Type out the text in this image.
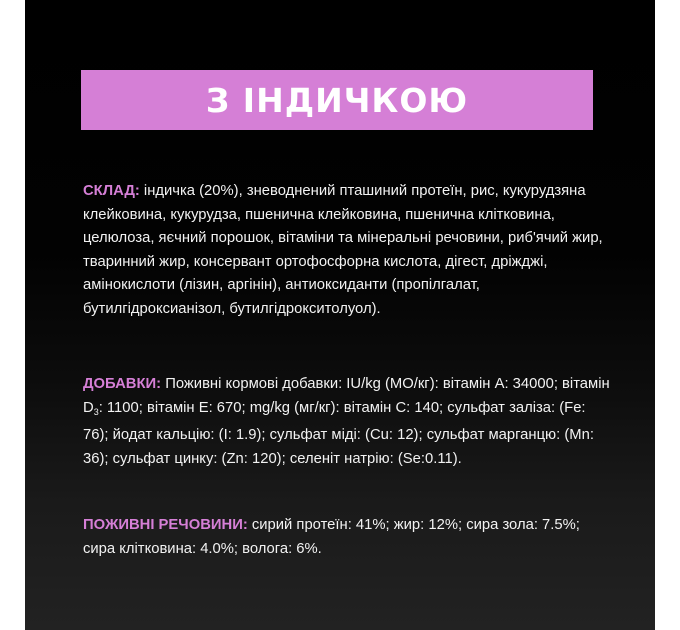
З ІНДИЧКОЮ
СКЛАД: індичка (20%), зневоднений пташиний протеїн, рис, кукурудзяна клейковина, кукурудза, пшенична клейковина, пшенична клітковина, целюлоза, яєчний порошок, вітаміни та мінеральні речовини, риб'ячий жир, тваринний жир, консервант ортофосфорна кислота, дігест, дріжджі, амінокислоти (лізин, аргінін), антиоксиданти (пропілгалат, бутилгідроксианізол, бутилгідрокситолуол).
ДОБАВКИ: Поживні кормові добавки: IU/kg (МО/кг): вітамін А: 34000; вітамін $D_3$: 1100; вітамін Е: 670; mg/kg (мг/кг): вітамін С: 140; сульфат заліза: (Fe: 76); йодат кальцію: (I: 1.9); сульфат міді: (Cu: 12); сульфат марганцю: (Mn: 36); сульфат цинку: (Zn: 120); селеніт натрію: (Se:0.11).
ПОЖИВНІ РЕЧОВИНИ: сирий протеїн: 41%; жир: 12%; сира зола: 7.5%; сира клітковина: 4.0%; волога: 6%.
